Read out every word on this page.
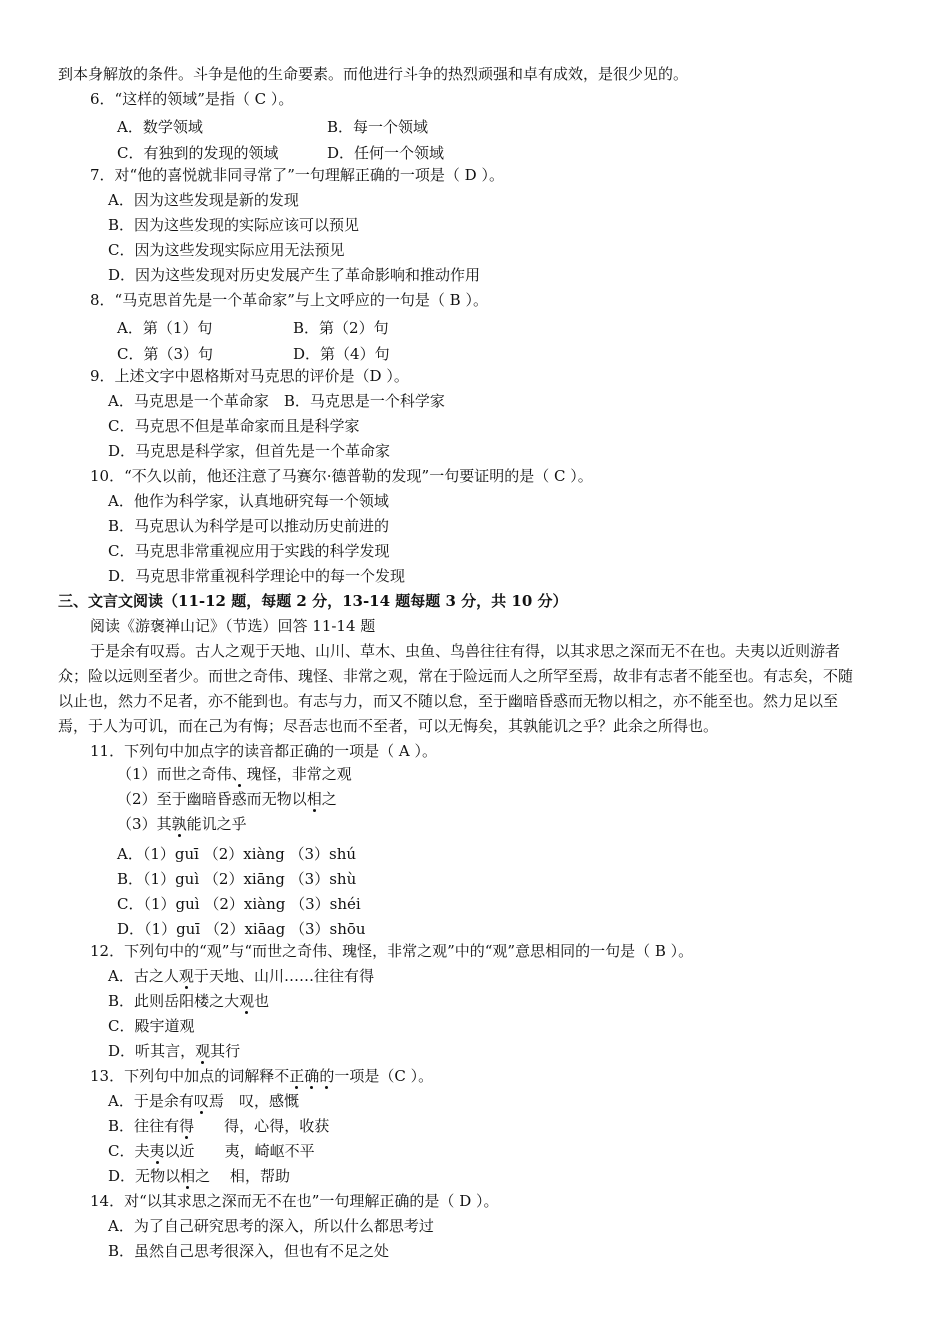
到本身解放的条件。斗争是他的生命要素。而他进行斗争的热烈顽强和卓有成效，是很少见的。
6．“这样的领域”是指（ C ）。
A．数学领域	B．每一个领域
C．有独到的发现的领域	D．任何一个领域
7．对“他的喜悦就非同寻常了”一句理解正确的一项是（ D ）。
A．因为这些发现是新的发现
B．因为这些发现的实际应该可以预见
C．因为这些发现实际应用无法预见
D．因为这些发现对历史发展产生了革命影响和推动作用
8．“马克思首先是一个革命家”与上文呼应的一句是（ B ）。
A．第（1）句	B．第（2）句
C．第（3）句	D．第（4）句
9．上述文字中恩格斯对马克思的评价是（D ）。
A．马克思是一个革命家　B．马克思是一个科学家
C．马克思不但是革命家而且是科学家
D．马克思是科学家，但首先是一个革命家
10．“不久以前，他还注意了马赛尔·德普勒的发现”一句要证明的是（ C ）。
A．他作为科学家，认真地研究每一个领域
B．马克思认为科学是可以推动历史前进的
C．马克思非常重视应用于实践的科学发现
D．马克思非常重视科学理论中的每一个发现
三、文言文阅读（11-12 题，每题 2 分，13-14 题每题 3 分，共 10 分）
阅读《游褒禅山记》（节选）回答 11-14 题
于是余有叹焉。古人之观于天地、山川、草木、虫鱼、鸟兽往往有得，以其求思之深而无不在也。夫夷以近则游者
众；险以远则至者少。而世之奇伟、瑰怪、非常之观，常在于险远而人之所罕至焉，故非有志者不能至也。有志矣，不随
以止也，然力不足者，亦不能到也。有志与力，而又不随以怠，至于幽暗昏惑而无物以相之，亦不能至也。然力足以至
焉，于人为可讥，而在己为有悔；尽吾志也而不至者，可以无悔矣，其孰能讥之乎？此余之所得也。
11．下列句中加点字的读音都正确的一项是（ A ）。
（1）而世之奇伟、瑰怪，非常之观
（2）至于幽暗昏惑而无物以相之
（3）其孰能讥之乎
A．（1）guī （2）xiàng （3）shú
B．（1）guì （2）xiāng （3）shù
C．（1）guì （2）xiàng （3）shéi
D．（1）guī （2）xiāag （3）shōu
12．下列句中的“观”与“而世之奇伟、瑰怪，非常之观”中的“观”意思相同的一句是（ B ）。
A．古之人观于天地、山川……往往有得
B．此则岳阳楼之大观也
C．殿宇道观
D．听其言，观其行
13．下列句中加点的词解释不正确的一项是（C ）。
A．于是余有叹焉　 叹，感慨
B．往往有得　　 得，心得，收获
C．夫夷以近　　 夷，崎岖不平
D．无物以相之　 相，帮助
14．对“以其求思之深而无不在也”一句理解正确的是（ D ）。
A．为了自己研究思考的深入，所以什么都思考过
B．虽然自己思考很深入，但也有不足之处
